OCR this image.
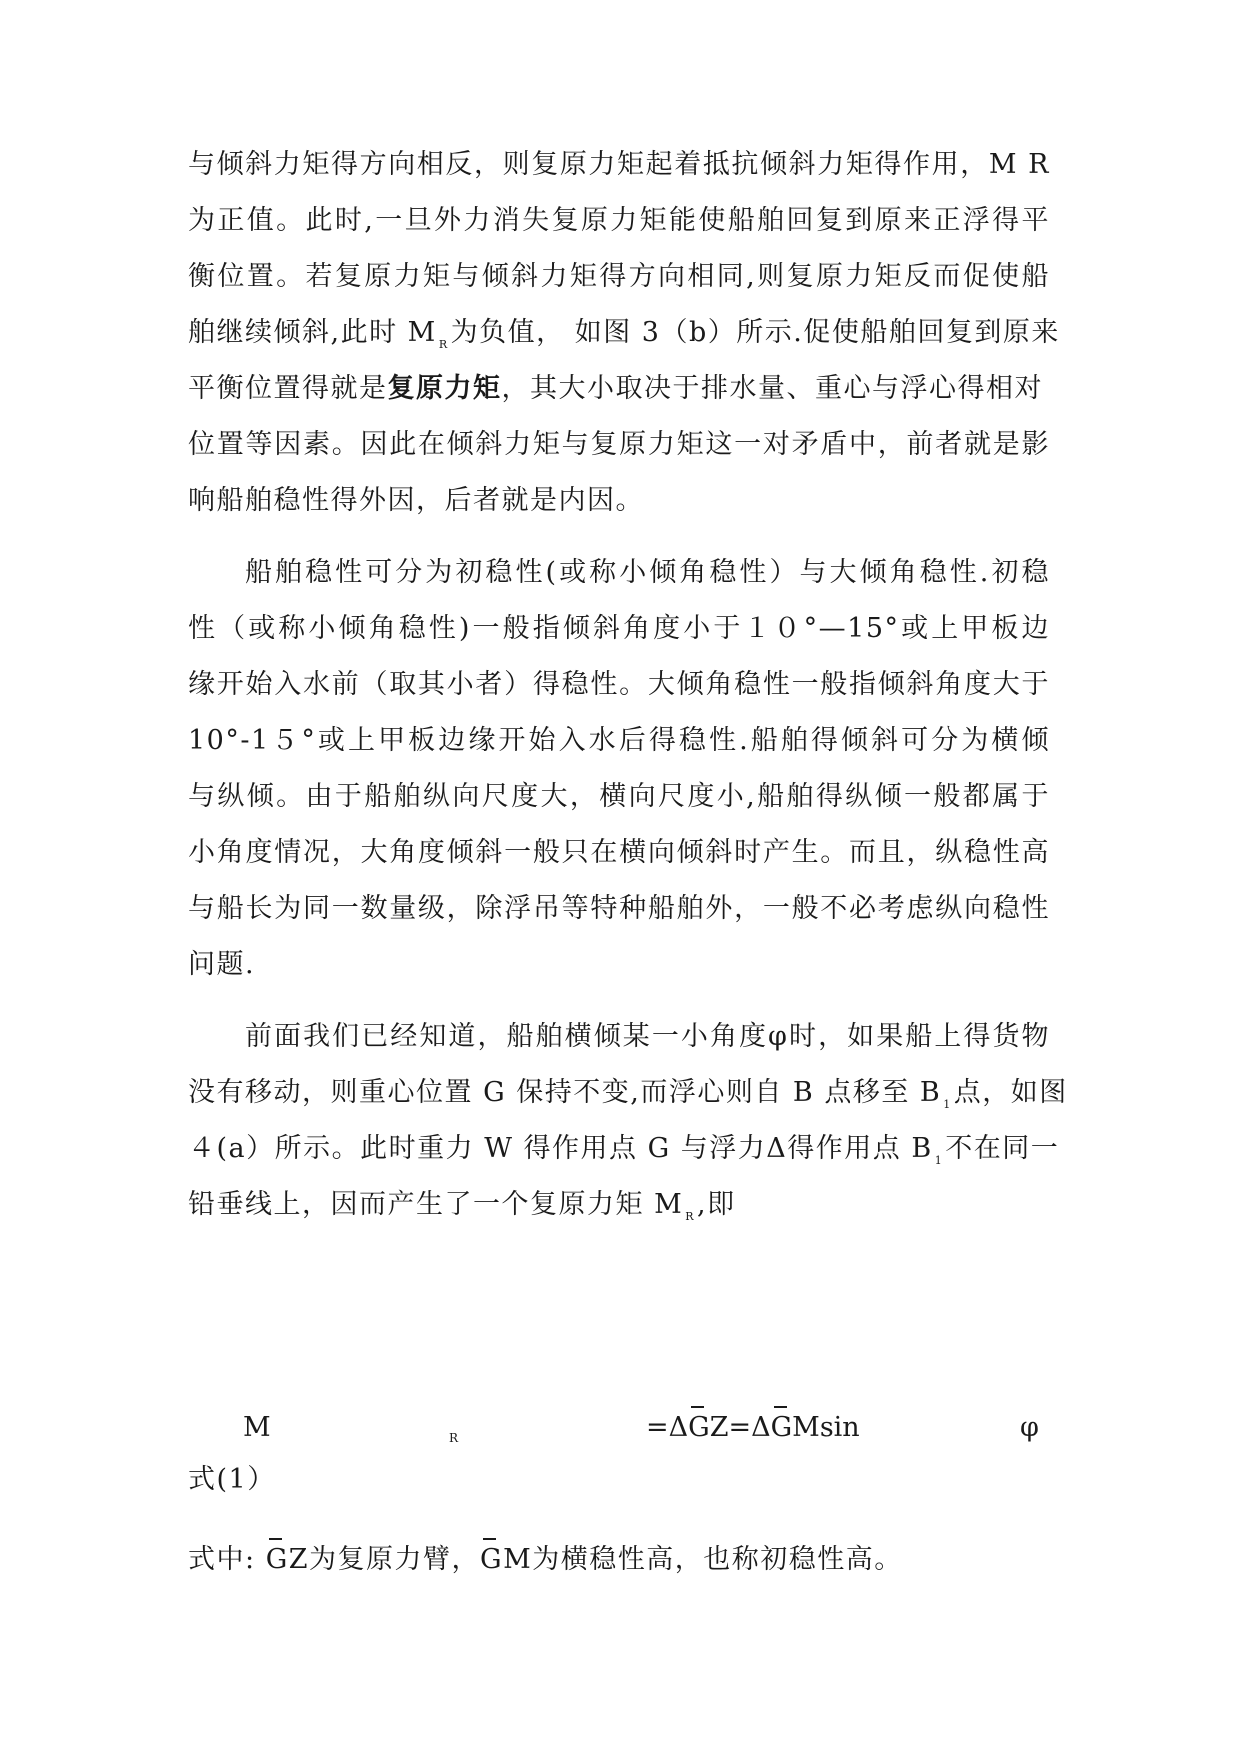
与倾斜力矩得方向相反，则复原力矩起着抵抗倾斜力矩得作用，M R
为正值。此时,一旦外力消失复原力矩能使船舶回复到原来正浮得平
衡位置。若复原力矩与倾斜力矩得方向相同,则复原力矩反而促使船
舶继续倾斜,此时 M $_R$为负值， 如图 3（b）所示.促使船舶回复到原来
平衡位置得就是复原力矩，其大小取决于排水量、重心与浮心得相对
位置等因素。因此在倾斜力矩与复原力矩这一对矛盾中，前者就是影
响船舶稳性得外因，后者就是内因。
船舶稳性可分为初稳性(或称小倾角稳性）与大倾角稳性.初稳
性（或称小倾角稳性)一般指倾斜角度小于１０°—15°或上甲板边
缘开始入水前（取其小者）得稳性。大倾角稳性一般指倾斜角度大于
10°-1５°或上甲板边缘开始入水后得稳性.船舶得倾斜可分为横倾
与纵倾。由于船舶纵向尺度大，横向尺度小,船舶得纵倾一般都属于
小角度情况，大角度倾斜一般只在横向倾斜时产生。而且，纵稳性高
与船长为同一数量级，除浮吊等特种船舶外，一般不必考虑纵向稳性
问题.
前面我们已经知道，船舶横倾某一小角度φ时，如果船上得货物
没有移动，则重心位置 G 保持不变,而浮心则自 B 点移至 B $_1$点，如图
４(a）所示。此时重力 W 得作用点 G 与浮力Δ得作用点 B $_1$不在同一
铅垂线上，因而产生了一个复原力矩 M $_R$,即
M	R	=ΔGZ=ΔGMsin	φ
式(1）
式中: GZ为复原力臂，GM为横稳性高，也称初稳性高。
